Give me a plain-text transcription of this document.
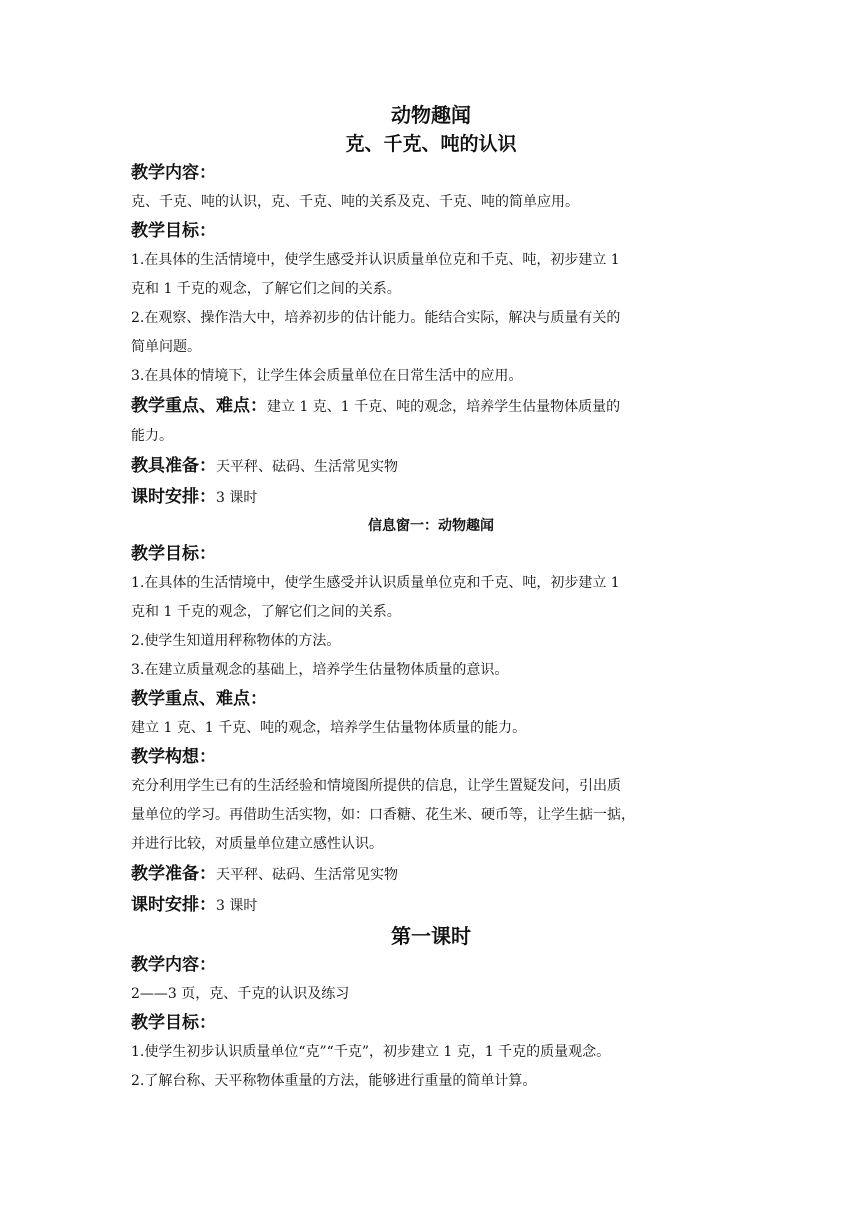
动物趣闻
克、千克、吨的认识
教学内容：
克、千克、吨的认识，克、千克、吨的关系及克、千克、吨的简单应用。
教学目标：
1.在具体的生活情境中，使学生感受并认识质量单位克和千克、吨，初步建立 1
克和 1 千克的观念，了解它们之间的关系。
2.在观察、操作浩大中，培养初步的估计能力。能结合实际，解决与质量有关的
简单问题。
3.在具体的情境下，让学生体会质量单位在日常生活中的应用。
教学重点、难点：建立 1 克、1 千克、吨的观念，培养学生估量物体质量的
能力。
教具准备：天平秤、砝码、生活常见实物
课时安排：3 课时
信息窗一：动物趣闻
教学目标：
1.在具体的生活情境中，使学生感受并认识质量单位克和千克、吨，初步建立 1
克和 1 千克的观念，了解它们之间的关系。
2.使学生知道用秤称物体的方法。
3.在建立质量观念的基础上，培养学生估量物体质量的意识。
教学重点、难点：
建立 1 克、1 千克、吨的观念，培养学生估量物体质量的能力。
教学构想：
充分利用学生已有的生活经验和情境图所提供的信息，让学生置疑发问，引出质
量单位的学习。再借助生活实物，如：口香糖、花生米、硬币等，让学生掂一掂，
并进行比较，对质量单位建立感性认识。
教学准备：天平秤、砝码、生活常见实物
课时安排：3 课时
第一课时
教学内容：
2——3 页，克、千克的认识及练习
教学目标：
1.使学生初步认识质量单位“克”“千克”，初步建立 1 克，1 千克的质量观念。
2.了解台称、天平称物体重量的方法，能够进行重量的简单计算。
